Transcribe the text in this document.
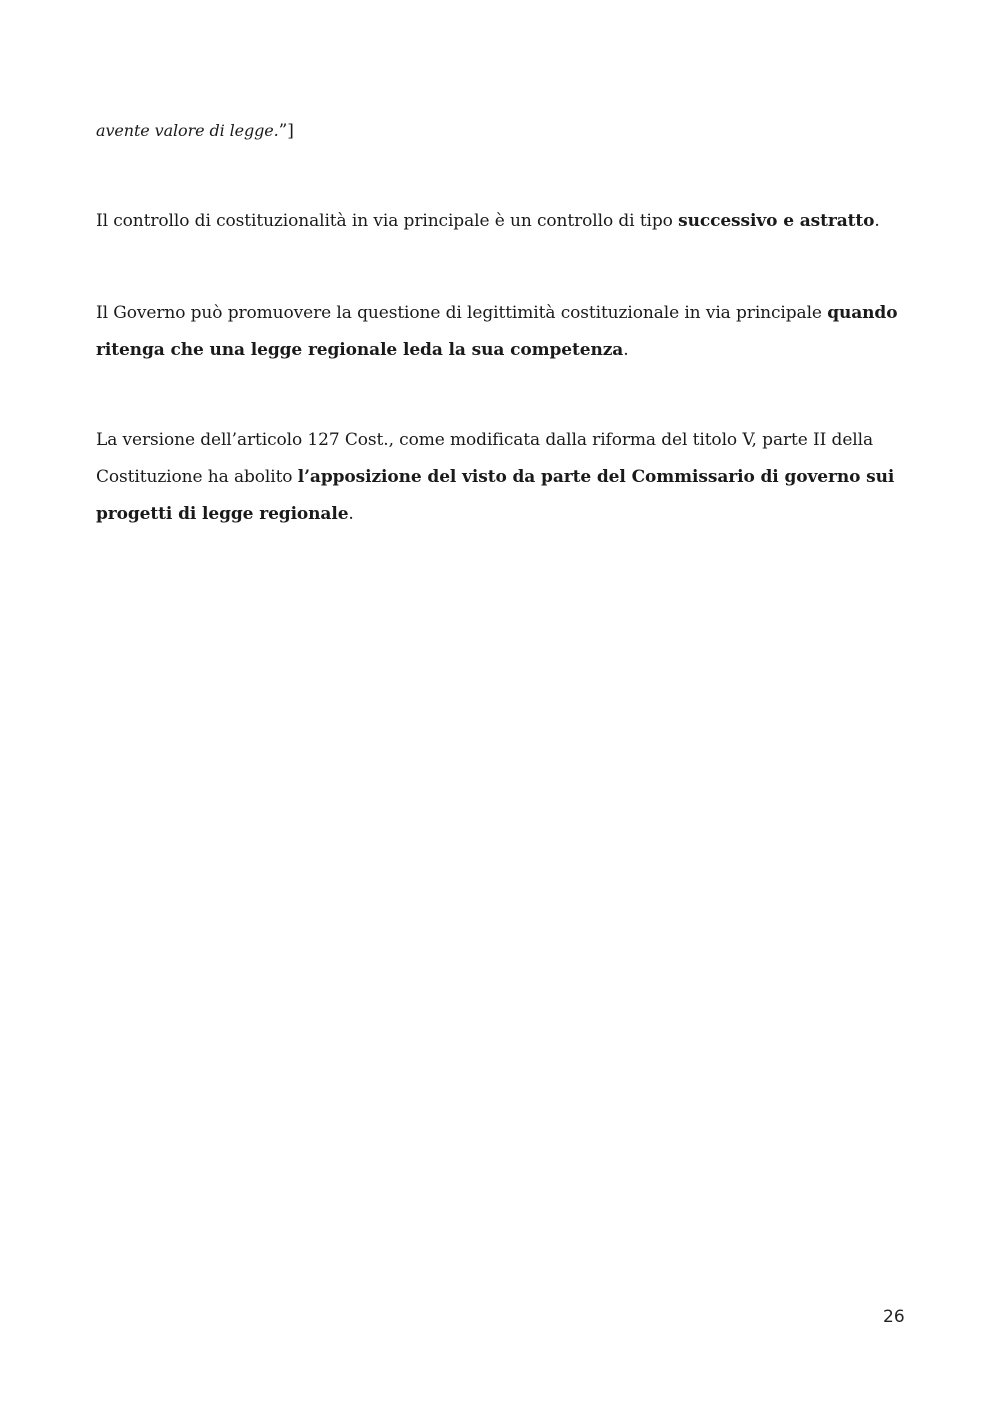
avente valore di legge.”]

Il controllo di costituzionalità in via principale è un controllo di tipo successivo e astratto.

Il Governo può promuovere la questione di legittimità costituzionale in via principale quando ritenga che una legge regionale leda la sua competenza.

La versione dell’articolo 127 Cost., come modificata dalla riforma del titolo V, parte II della Costituzione ha abolito l’apposizione del visto da parte del Commissario di governo sui progetti di legge regionale.

26
